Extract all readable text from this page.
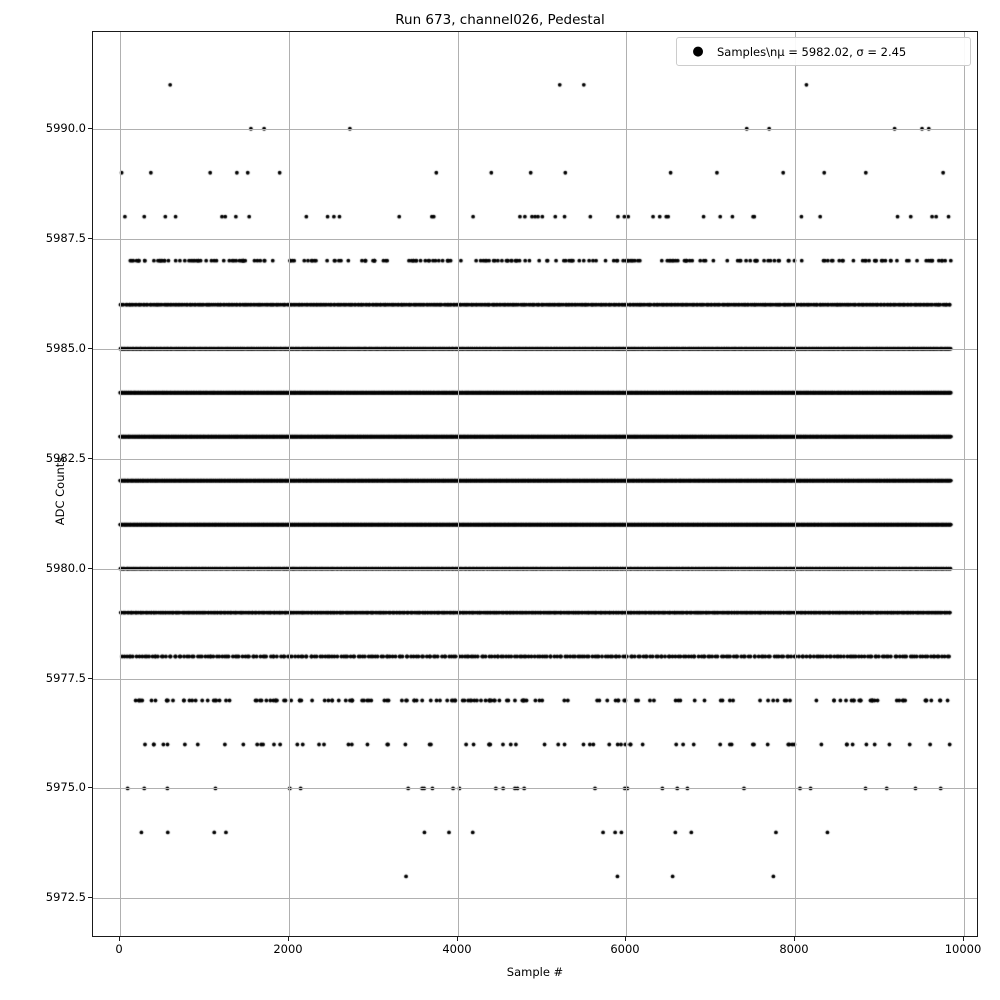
Run 673, channel026, Pedestal
ADC Counts
Sample #
●	Samples\nμ = 5982.02, σ = 2.45
0	2000	4000	6000	8000	10000
5972.5
5975.0
5977.5
5980.0
5982.5
5985.0
5987.5
5990.0
